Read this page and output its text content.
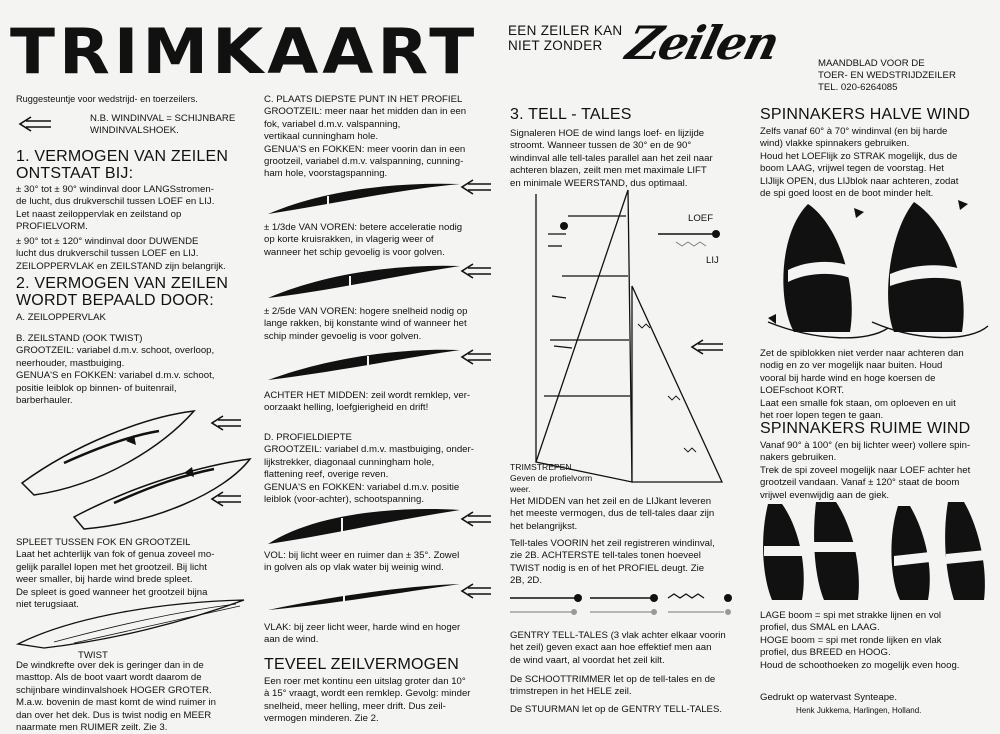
TRIMKAART
Ruggesteuntje voor wedstrijd- en toerzeilers.
EEN ZEILER KAN
NIET ZONDER Zeilen	MAANDBLAD VOOR DE
TOER- EN WEDSTRIJDZEILER
TEL. 020-6264085
N.B. WINDINVAL = SCHIJNBARE
WINDINVALSHOEK.
1. VERMOGEN VAN ZEILEN
ONTSTAAT BIJ:
± 30° tot ± 90° windinval door LANGSstromen-
de lucht, dus drukverschil tussen LOEF en LIJ.
Let naast zeiloppervlak en zeilstand op
PROFIELVORM.
± 90° tot ± 120° windinval door DUWENDE
lucht dus drukverschil tussen LOEF en LIJ.
ZEILOPPERVLAK en ZEILSTAND zijn belangrijk.
2. VERMOGEN VAN ZEILEN
WORDT BEPAALD DOOR:
A. ZEILOPPERVLAK
B. ZEILSTAND (OOK TWIST)
GROOTZEIL: variabel d.m.v. schoot, overloop,
neerhouder, mastbuiging.
GENUA'S en FOKKEN: variabel d.m.v. schoot,
positie leiblok op binnen- of buitenrail,
barberhauler.
SPLEET TUSSEN FOK EN GROOTZEIL
Laat het achterlijk van fok of genua zoveel mo-
gelijk parallel lopen met het grootzeil. Bij licht
weer smaller, bij harde wind brede spleet.
De spleet is goed wanneer het grootzeil bijna
niet terugsiaat.
TWIST
De windkrefte over dek is geringer dan in de
masttop. Als de boot vaart wordt daarom de
schijnbare windinvalshoek HOGER GROTER.
M.a.w. bovenin de mast komt de wind ruimer in
dan over het dek. Dus is twist nodig en MEER
naarmate men RUIMER zeilt. Zie 3.
C. PLAATS DIEPSTE PUNT IN HET PROFIEL
GROOTZEIL: meer naar het midden dan in een
fok, variabel d.m.v. valspanning,
vertikaal cunningham hole.
GENUA'S en FOKKEN: meer voorin dan in een
grootzeil, variabel d.m.v. valspanning, cunning-
ham hole, voorstagspanning.
± 1/3de VAN VOREN: betere acceleratie nodig
op korte kruisrakken, in vlagerig weer of
wanneer het schip gevoelig is voor golven.
± 2/5de VAN VOREN: hogere snelheid nodig op
lange rakken, bij konstante wind of wanneer het
schip minder gevoelig is voor golven.
ACHTER HET MIDDEN: zeil wordt remklep, ver-
oorzaakt helling, loefgierigheid en drift!
D. PROFIELDIEPTE
GROOTZEIL: variabel d.m.v. mastbuiging, onder-
lijkstrekker, diagonaal cunningham hole,
flattening reef, overige reven.
GENUA'S en FOKKEN: variabel d.m.v. positie
leiblok (voor-achter), schootspanning.
VOL: bij licht weer en ruimer dan ± 35°. Zowel
in golven als op vlak water bij weinig wind.
VLAK: bij zeer licht weer, harde wind en hoger
aan de wind.
TEVEEL ZEILVERMOGEN
Een roer met kontinu een uitslag groter dan 10°
à 15° vraagt, wordt een remklep. Gevolg: minder
snelheid, meer helling, meer drift. Dus zeil-
vermogen minderen. Zie 2.
3. TELL - TALES
Signaleren HOE de wind langs loef- en lijzijde
stroomt. Wanneer tussen de 30° en de 90°
windinval alle tell-tales parallel aan het zeil naar
achteren blazen, zeilt men met maximale LIFT
en minimale WEERSTAND, dus optimaal.
LOEF
LIJ
TRIMSTREPEN
Geven de profielvorm
weer.
Het MIDDEN van het zeil en de LIJkant leveren
het meeste vermogen, dus de tell-tales daar zijn
het belangrijkst.
Tell-tales VOORIN het zeil registreren windinval,
zie 2B. ACHTERSTE tell-tales tonen hoeveel
TWIST nodig is en of het PROFIEL deugt. Zie
2B, 2D.
GENTRY TELL-TALES (3 vlak achter elkaar voorin
het zeil) geven exact aan hoe effektief men aan
de wind vaart, al voordat het zeil kilt.
De SCHOOTTRIMMER let op de tell-tales en de
trimstrepen in het HELE zeil.
De STUURMAN let op de GENTRY TELL-TALES.
SPINNAKERS HALVE WIND
Zelfs vanaf 60° à 70° windinval (en bij harde
wind) vlakke spinnakers gebruiken.
Houd het LOEFlijk zo STRAK mogelijk, dus de
boom LAAG, vrijwel tegen de voorstag. Het
LIJlijk OPEN, dus LIJblok naar achteren, zodat
de spi goed loost en de boot minder helt.
Zet de spiblokken niet verder naar achteren dan
nodig en zo ver mogelijk naar buiten. Houd
vooral bij harde wind en hoge koersen de
LOEFschoot KORT.
Laat een smalle fok staan, om oploeven en uit
het roer lopen tegen te gaan.
SPINNAKERS RUIME WIND
Vanaf 90° à 100° (en bij lichter weer) vollere spin-
nakers gebruiken.
Trek de spi zoveel mogelijk naar LOEF achter het
grootzeil vandaan. Vanaf ± 120° staat de boom
vrijwel evenwijdig aan de giek.
LAGE boom = spi met strakke lijnen en vol
profiel, dus SMAL en LAAG.
HOGE boom = spi met ronde lijken en vlak
profiel, dus BREED en HOOG.
Houd de schoothoeken zo mogelijk even hoog.
Gedrukt op watervast Synteape.
Henk Jukkema, Harlingen, Holland.
